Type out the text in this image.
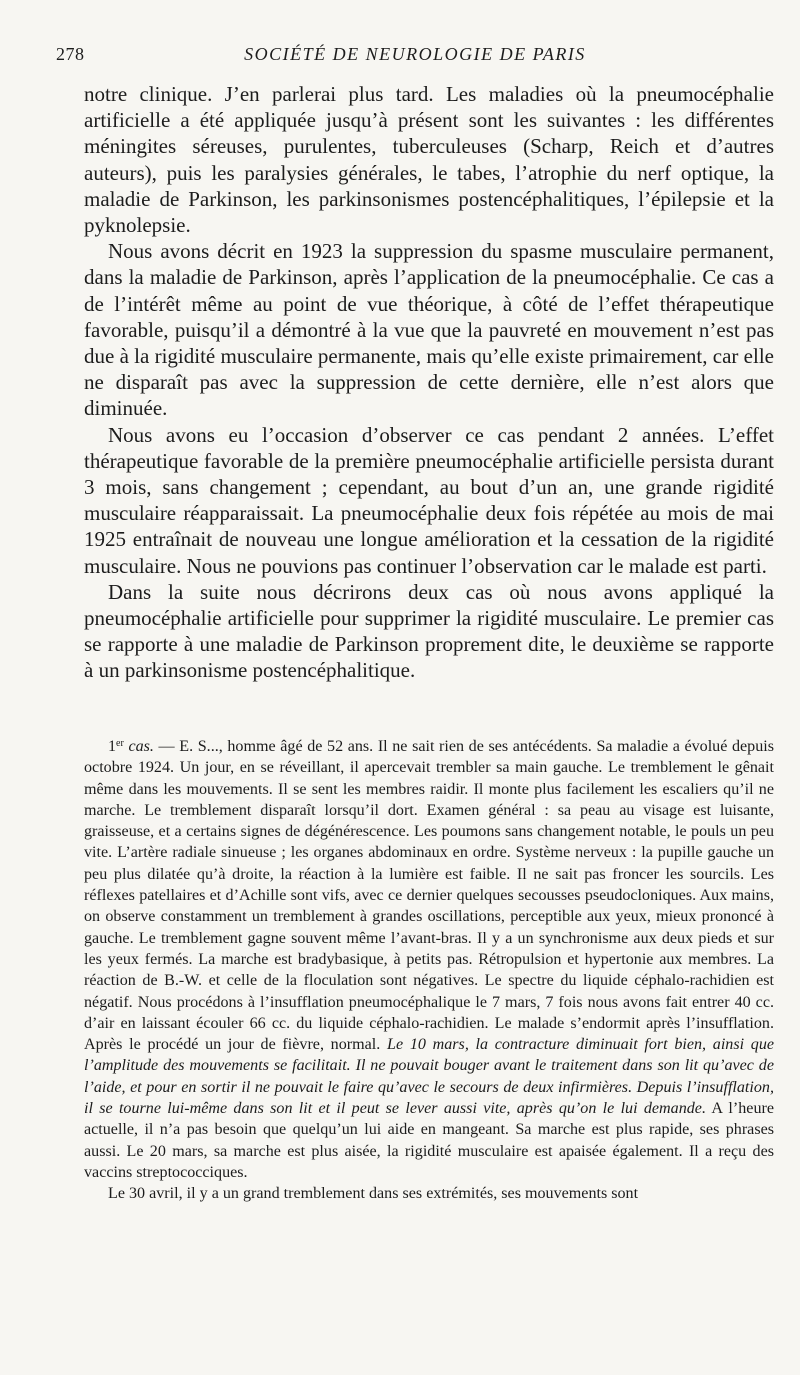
278	SOCIÉTÉ DE NEUROLOGIE DE PARIS

notre clinique. J’en parlerai plus tard. Les maladies où la pneumocéphalie artificielle a été appliquée jusqu’à présent sont les suivantes : les différentes méningites séreuses, purulentes, tuberculeuses (Scharp, Reich et d’autres auteurs), puis les paralysies générales, le tabes, l’atrophie du nerf optique, la maladie de Parkinson, les parkinsonismes postencéphalitiques, l’épilepsie et la pyknolepsie.

Nous avons décrit en 1923 la suppression du spasme musculaire permanent, dans la maladie de Parkinson, après l’application de la pneumocéphalie. Ce cas a de l’intérêt même au point de vue théorique, à côté de l’effet thérapeutique favorable, puisqu’il a démontré à la vue que la pauvreté en mouvement n’est pas due à la rigidité musculaire permanente, mais qu’elle existe primairement, car elle ne disparaît pas avec la suppression de cette dernière, elle n’est alors que diminuée.

Nous avons eu l’occasion d’observer ce cas pendant 2 années. L’effet thérapeutique favorable de la première pneumocéphalie artificielle persista durant 3 mois, sans changement ; cependant, au bout d’un an, une grande rigidité musculaire réapparaissait. La pneumocéphalie deux fois répétée au mois de mai 1925 entraînait de nouveau une longue amélioration et la cessation de la rigidité musculaire. Nous ne pouvions pas continuer l’observation car le malade est parti.

Dans la suite nous décrirons deux cas où nous avons appliqué la pneumocéphalie artificielle pour supprimer la rigidité musculaire. Le premier cas se rapporte à une maladie de Parkinson proprement dite, le deuxième se rapporte à un parkinsonisme postencéphalitique.

1er cas. — E. S..., homme âgé de 52 ans. Il ne sait rien de ses antécédents. Sa maladie a évolué depuis octobre 1924. Un jour, en se réveillant, il apercevait trembler sa main gauche. Le tremblement le gênait même dans les mouvements. Il se sent les membres raidir. Il monte plus facilement les escaliers qu’il ne marche. Le tremblement disparaît lorsqu’il dort. Examen général : sa peau au visage est luisante, graisseuse, et a certains signes de dégénérescence. Les poumons sans changement notable, le pouls un peu vite. L’artère radiale sinueuse ; les organes abdominaux en ordre. Système nerveux : la pupille gauche un peu plus dilatée qu’à droite, la réaction à la lumière est faible. Il ne sait pas froncer les sourcils. Les réflexes patellaires et d’Achille sont vifs, avec ce dernier quelques secousses pseudocloniques. Aux mains, on observe constamment un tremblement à grandes oscillations, perceptible aux yeux, mieux prononcé à gauche. Le tremblement gagne souvent même l’avant-bras. Il y a un synchronisme aux deux pieds et sur les yeux fermés. La marche est bradybasique, à petits pas. Rétropulsion et hypertonie aux membres. La réaction de B.-W. et celle de la floculation sont négatives. Le spectre du liquide céphalo-rachidien est négatif. Nous procédons à l’insufflation pneumocéphalique le 7 mars, 7 fois nous avons fait entrer 40 cc. d’air en laissant écouler 66 cc. du liquide céphalo-rachidien. Le malade s’endormit après l’insufflation. Après le procédé un jour de fièvre, normal. Le 10 mars, la contracture diminuait fort bien, ainsi que l’amplitude des mouvements se facilitait. Il ne pouvait bouger avant le traitement dans son lit qu’avec de l’aide, et pour en sortir il ne pouvait le faire qu’avec le secours de deux infirmières. Depuis l’insufflation, il se tourne lui-même dans son lit et il peut se lever aussi vite, après qu’on le lui demande. A l’heure actuelle, il n’a pas besoin que quelqu’un lui aide en mangeant. Sa marche est plus rapide, ses phrases aussi. Le 20 mars, sa marche est plus aisée, la rigidité musculaire est apaisée également. Il a reçu des vaccins streptococciques.

Le 30 avril, il y a un grand tremblement dans ses extrémités, ses mouvements sont
